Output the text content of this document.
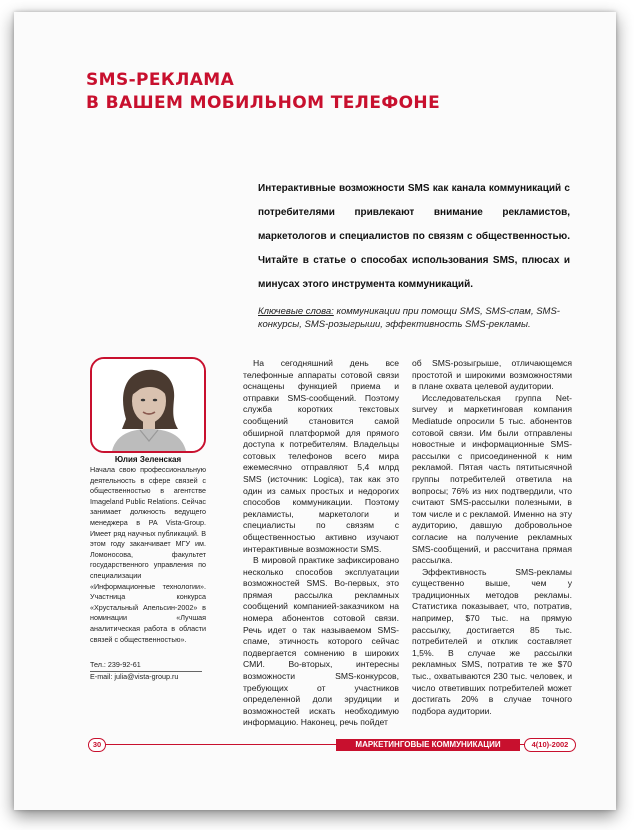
SMS-РЕКЛАМА
В ВАШЕМ МОБИЛЬНОМ ТЕЛЕФОНЕ
Интерактивные возможности SMS как канала коммуникаций с потребителями привлекают внимание рекламистов, маркетологов и специалистов по связям с общественностью. Читайте в статье о способах использования SMS, плюсах и минусах этого инструмента коммуникаций.
Ключевые слова: коммуникации при помощи SMS, SMS-спам, SMS-конкурсы, SMS-розыгрыши, эффективность SMS-рекламы.
Юлия Зеленская
Начала свою профессиональную деятельность в сфере связей с общественностью в агентстве Imageland Public Relations. Сейчас занимает должность ведущего менеджера в PA Vista-Group. Имеет ряд научных публикаций. В этом году заканчивает МГУ им. Ломоносова, факультет государственного управления по специализации «Информационные технологии». Участница конкурса «Хрустальный Апельсин-2002» в номинации «Лучшая аналитическая работа в области связей с общественностью».
Тел.: 239-92-61
E-mail: julia@vista-group.ru

На сегодняшний день все телефонные аппараты сотовой связи оснащены функцией приема и отправки SMS-сообщений. Поэтому служба коротких текстовых сообщений становится самой обширной платформой для прямого доступа к потребителям. Владельцы сотовых телефонов всего мира ежемесячно отправляют 5,4 млрд SMS (источник: Logica), так как это один из самых простых и недорогих способов коммуникации. Поэтому рекламисты, маркетологи и специалисты по связям с общественностью активно изучают интерактивные возможности SMS.

В мировой практике зафиксировано несколько способов эксплуатации возможностей SMS. Во-первых, это прямая рассылка рекламных сообщений компанией-заказчиком на номера абонентов сотовой связи. Речь идет о так называемом SMS-спаме, этичность которого сейчас подвергается сомнению в широких СМИ. Во-вторых, интересны возможности SMS-конкурсов, требующих от участников определенной доли эрудиции и возможностей искать необходимую информацию. Наконец, речь пойдет

об SMS-розыгрыше, отличающемся простотой и широкими возможностями в плане охвата целевой аудитории.

Исследовательская группа Net-survey и маркетинговая компания Mediatude опросили 5 тыс. абонентов сотовой связи. Им были отправлены новостные и информационные SMS-рассылки с присоединенной к ним рекламой. Пятая часть пятитысячной группы потребителей ответила на вопросы; 76% из них подтвердили, что считают SMS-рассылки полезными, в том числе и с рекламой. Именно на эту аудиторию, давшую добровольное согласие на получение рекламных SMS-сообщений, и рассчитана прямая рассылка.

Эффективность SMS-рекламы существенно выше, чем у традиционных методов рекламы. Статистика показывает, что, потратив, например, $70 тыс. на прямую рассылку, достигается 85 тыс. потребителей и отклик составляет 1,5%. В случае же рассылки рекламных SMS, потратив те же $70 тыс., охватываются 230 тыс. человек, и число ответивших потребителей может достигать 20% в случае точного подбора аудитории.

30	МАРКЕТИНГОВЫЕ КОММУНИКАЦИИ	4(10)-2002
